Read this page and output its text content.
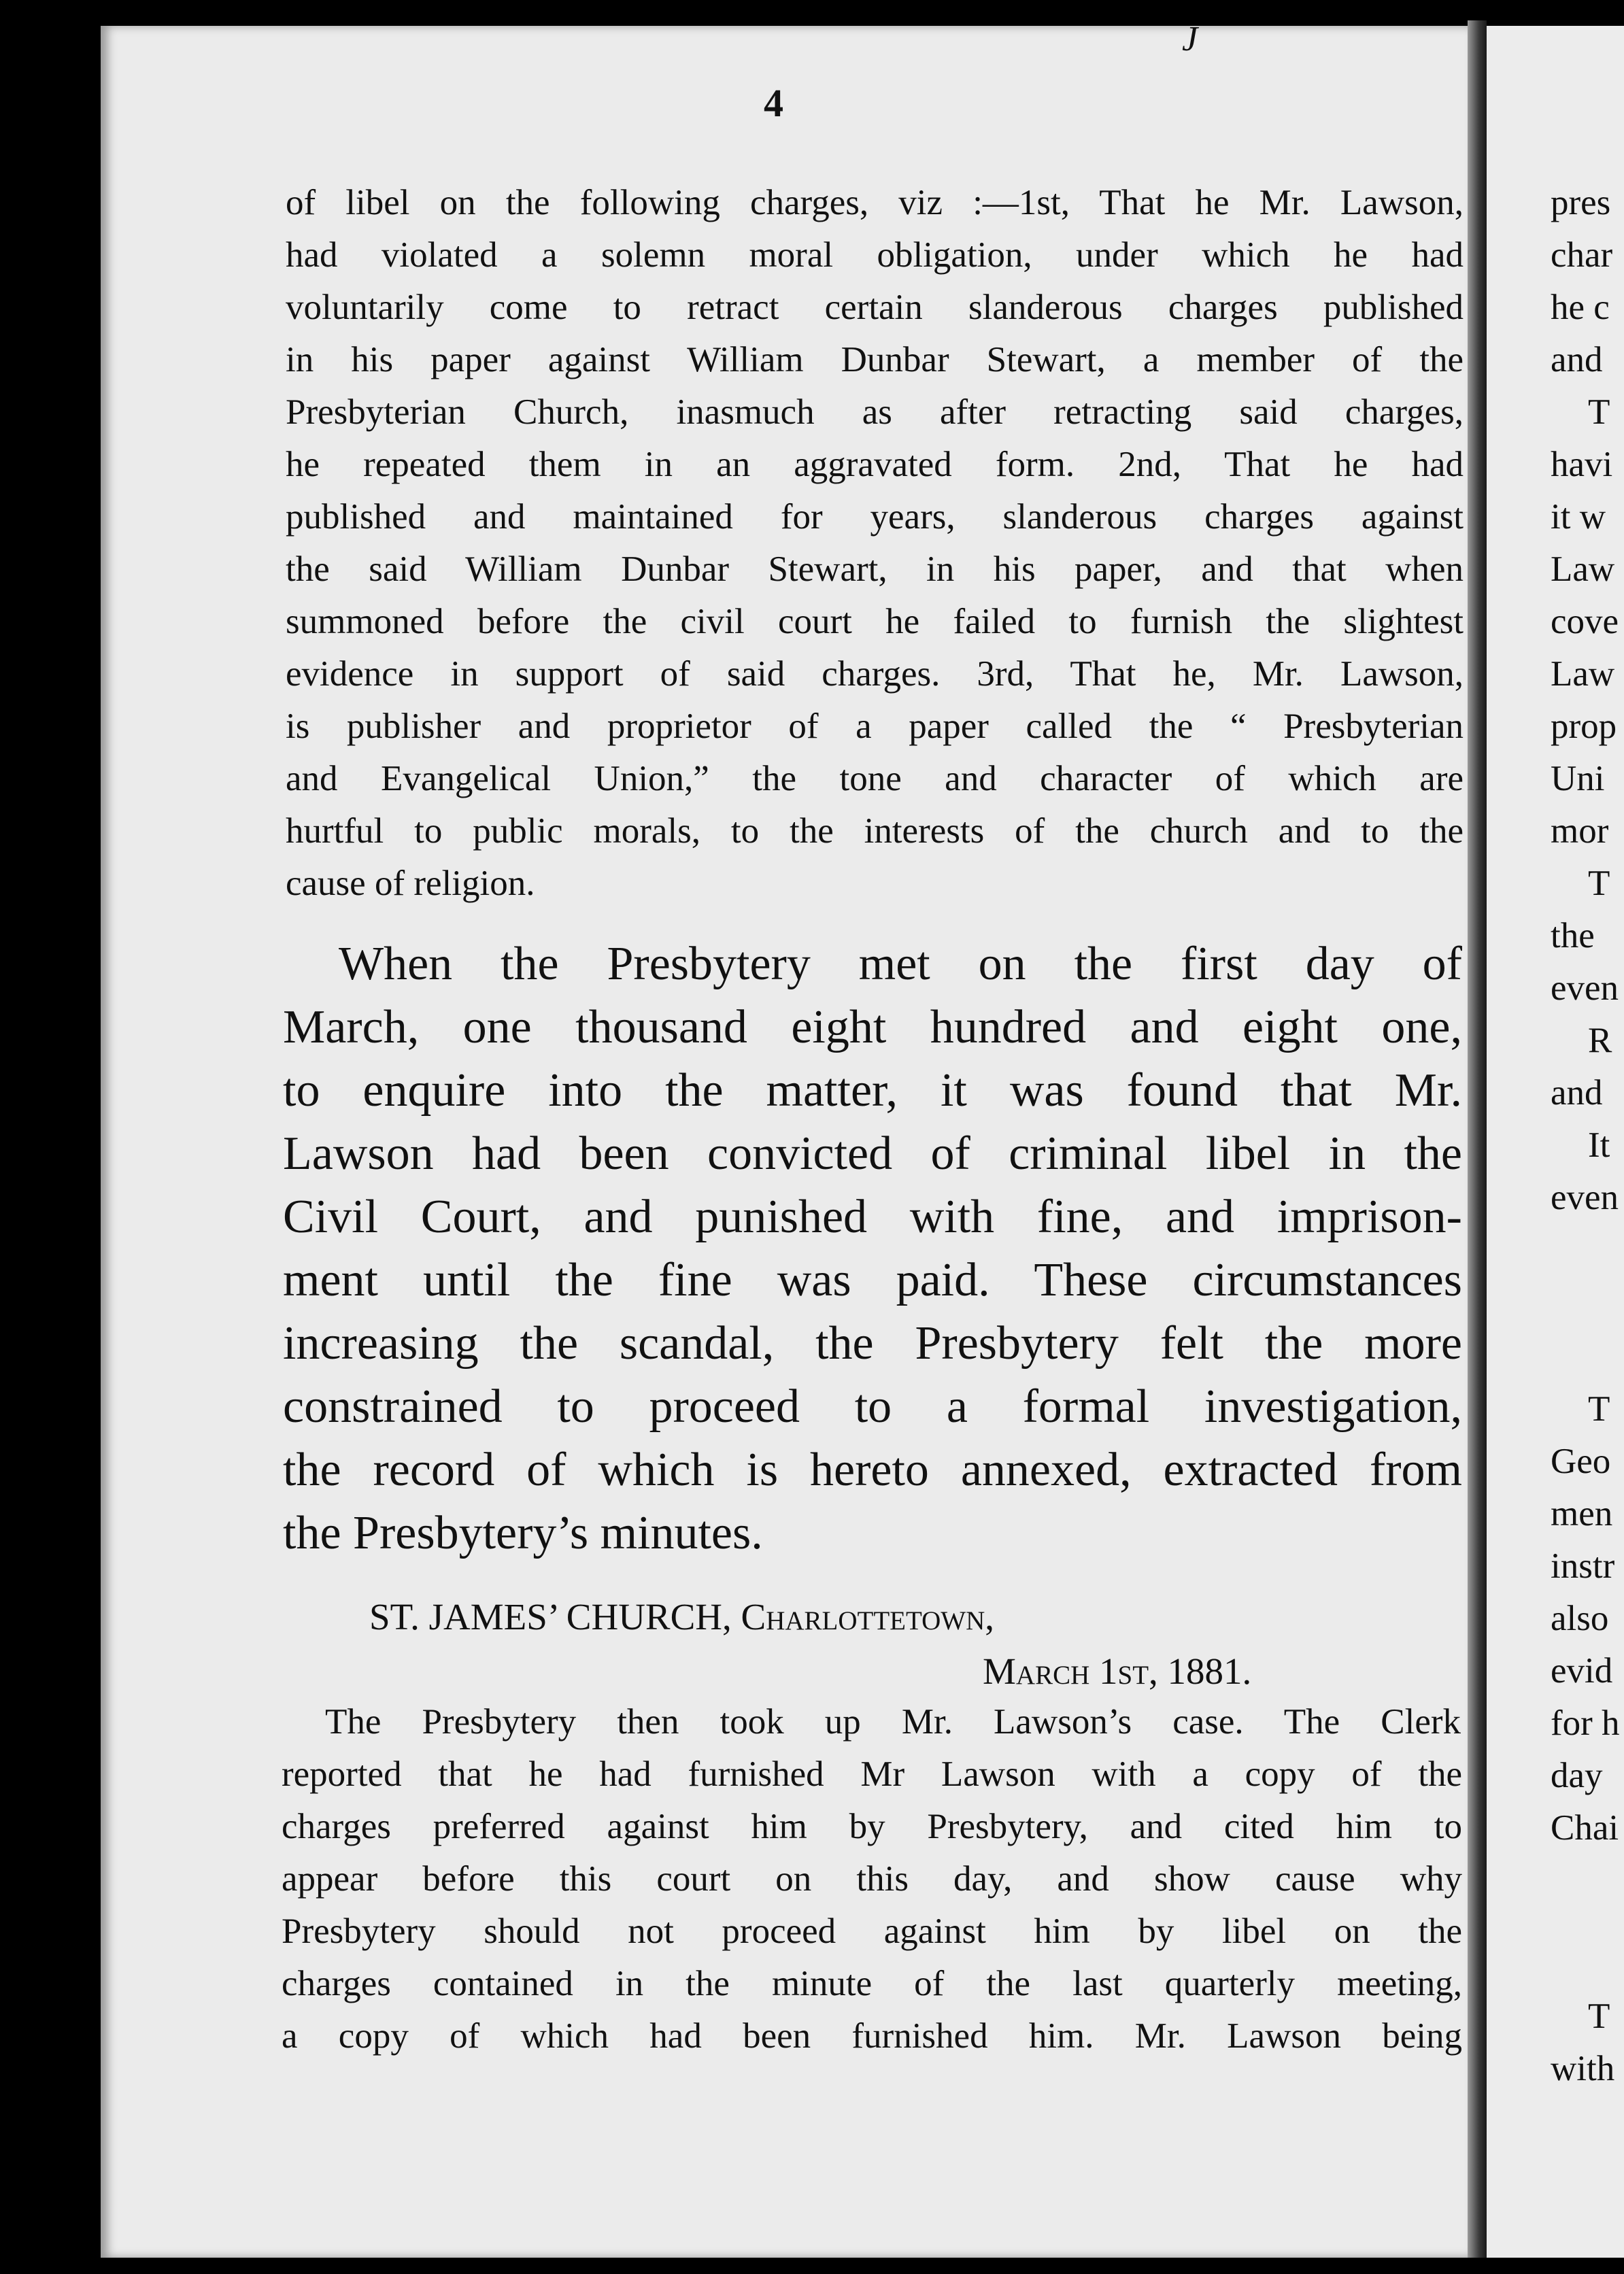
4

J

of libel on the following charges, viz :—1st, That he Mr. Lawson,

had violated a solemn moral obligation, under which he had

voluntarily come to retract certain slanderous charges published

in his paper against William Dunbar Stewart, a member of the

Presbyterian Church, inasmuch as after retracting said charges,

he repeated them in an aggravated form. 2nd, That he had

published and maintained for years, slanderous charges against

the said William Dunbar Stewart, in his paper, and that when

summoned before the civil court he failed to furnish the slightest

evidence in support of said charges. 3rd, That he, Mr. Lawson,

is publisher and proprietor of a paper called the “ Presbyterian

and Evangelical Union,” the tone and character of which are

hurtful to public morals, to the interests of the church and to the

cause of religion.

When the Presbytery met on the first day of

March, one thousand eight hundred and eight one,

to enquire into the matter, it was found that Mr.

Lawson had been convicted of criminal libel in the

Civil Court, and punished with fine, and imprison-

ment until the fine was paid. These circumstances

increasing the scandal, the Presbytery felt the more

constrained to proceed to a formal investigation,

the record of which is hereto annexed, extracted from

the Presbytery’s minutes.

ST. JAMES’ CHURCH, Charlottetown,

March 1st, 1881.

The Presbytery then took up Mr. Lawson’s case. The Clerk

reported that he had furnished Mr Lawson with a copy of the

charges preferred against him by Presbytery, and cited him to

appear before this court on this day, and show cause why

Presbytery should not proceed against him by libel on the

charges contained in the minute of the last quarterly meeting,

a copy of which had been furnished him. Mr. Lawson being

pres
char
he c
and
T
havi
it w
Law
cove
Law
prop
Uni
mor
T
the
even
R
and
It
even
T
Geo
men
instr
also
evid
for h
day
Chai
T
with
